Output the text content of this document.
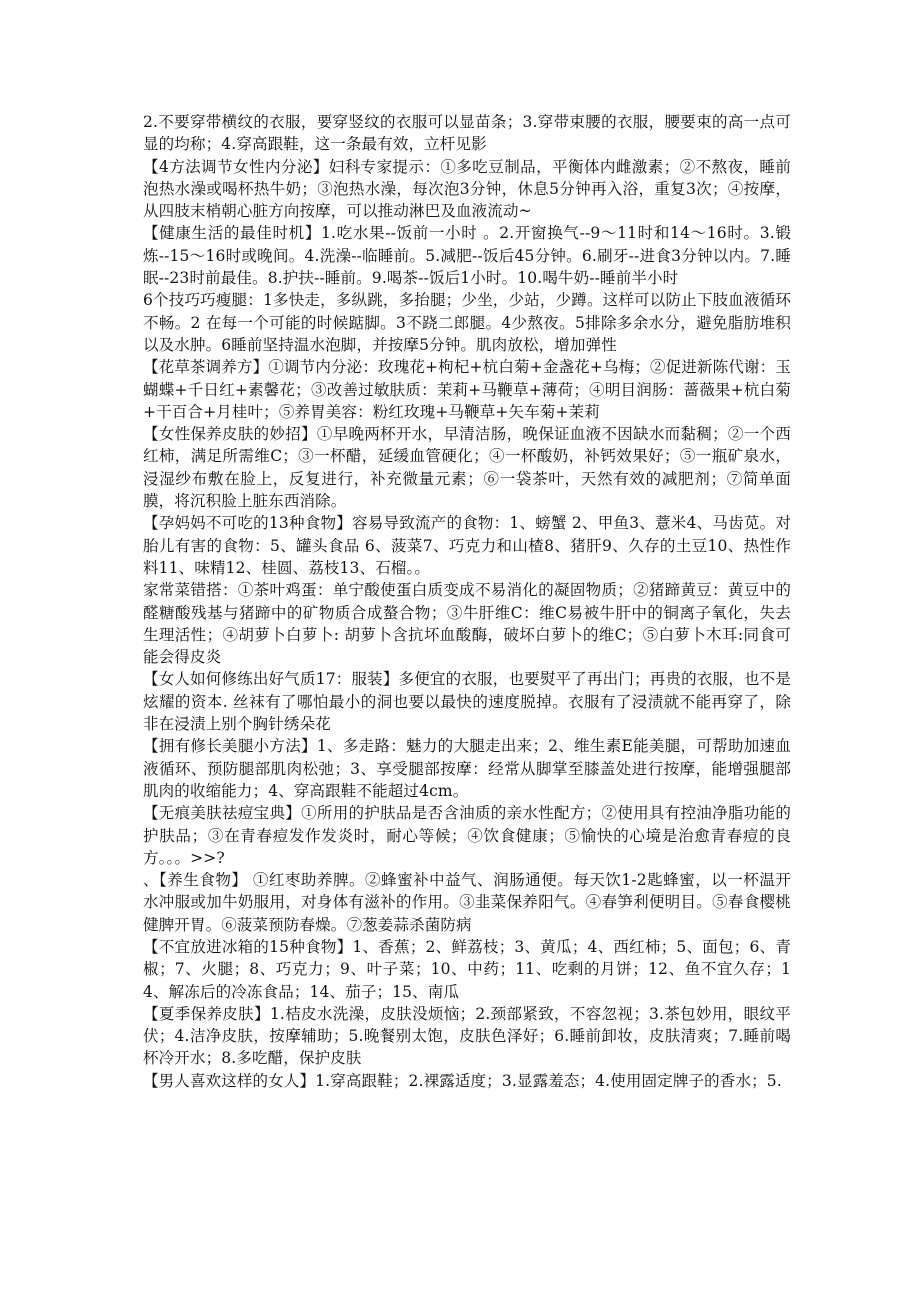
2.不要穿带横纹的衣服，要穿竖纹的衣服可以显苗条；3.穿带束腰的衣服，腰要束的高一点可显的均称；4.穿高跟鞋，这一条最有效，立杆见影

【4方法调节女性内分泌】妇科专家提示：①多吃豆制品，平衡体内雌激素；②不熬夜，睡前泡热水澡或喝杯热牛奶；③泡热水澡，每次泡3分钟，休息5分钟再入浴，重复3次；④按摩，从四肢末梢朝心脏方向按摩，可以推动淋巴及血液流动~

【健康生活的最佳时机】1.吃水果--饭前一小时 。2.开窗换气--9～11时和14～16时。3.锻炼--15～16时或晚间。4.洗澡--临睡前。5.减肥--饭后45分钟。6.刷牙--进食3分钟以内。7.睡眠--23时前最佳。8.护扶--睡前。9.喝茶--饭后1小时。10.喝牛奶--睡前半小时

6个技巧巧瘦腿：1多快走，多纵跳，多抬腿；少坐，少站，少蹲。这样可以防止下肢血液循环不畅。2 在每一个可能的时候踮脚。3不跷二郎腿。4少熬夜。5排除多余水分，避免脂肪堆积以及水肿。6睡前坚持温水泡脚，并按摩5分钟。肌肉放松，增加弹性

【花草茶调养方】①调节内分泌：玫瑰花+枸杞+杭白菊+金盏花+乌梅；②促进新陈代谢：玉蝴蝶+千日红+素馨花；③改善过敏肤质：茉莉+马鞭草+薄荷；④明目润肠：蔷薇果+杭白菊+干百合+月桂叶；⑤养胃美容：粉红玫瑰+马鞭草+矢车菊+茉莉

【女性保养皮肤的妙招】①早晚两杯开水，早清洁肠，晚保证血液不因缺水而黏稠；②一个西红柿，满足所需维C；③一杯醋，延缓血管硬化；④一杯酸奶，补钙效果好；⑤一瓶矿泉水，浸湿纱布敷在脸上，反复进行，补充微量元素；⑥一袋茶叶，天然有效的减肥剂；⑦简单面膜，将沉积脸上脏东西消除。

【孕妈妈不可吃的13种食物】容易导致流产的食物：1、螃蟹 2、甲鱼3、薏米4、马齿苋。对胎儿有害的食物：5、罐头食品 6、菠菜7、巧克力和山楂8、猪肝9、久存的土豆10、热性作料11、味精12、桂圆、荔枝13、石榴。。

家常菜错搭：①茶叶鸡蛋：单宁酸使蛋白质变成不易消化的凝固物质；②猪蹄黄豆：黄豆中的醛糖酸残基与猪蹄中的矿物质合成螯合物；③牛肝维C：维C易被牛肝中的铜离子氧化，失去生理活性；④胡萝卜白萝卜: 胡萝卜含抗坏血酸酶，破坏白萝卜的维C；⑤白萝卜木耳:同食可能会得皮炎

【女人如何修练出好气质17：服装】多便宜的衣服，也要熨平了再出门；再贵的衣服，也不是炫耀的资本. 丝袜有了哪怕最小的洞也要以最快的速度脱掉。衣服有了浸渍就不能再穿了，除非在浸渍上别个胸针绣朵花

【拥有修长美腿小方法】1、多走路：魅力的大腿走出来；2、维生素E能美腿，可帮助加速血液循环、预防腿部肌肉松弛；3、享受腿部按摩：经常从脚掌至膝盖处进行按摩，能增强腿部肌肉的收缩能力；4、穿高跟鞋不能超过4cm。

【无痕美肤祛痘宝典】①所用的护肤品是否含油质的亲水性配方；②使用具有控油净脂功能的护肤品；③在青春痘发作发炎时，耐心等候；④饮食健康；⑤愉快的心境是治愈青春痘的良方。。。>>?

、【养生食物】 ①红枣助养脾。②蜂蜜补中益气、润肠通便。每天饮1-2匙蜂蜜，以一杯温开水冲服或加牛奶服用，对身体有滋补的作用。③韭菜保养阳气。④春笋利便明目。⑤春食樱桃健脾开胃。⑥菠菜预防春燥。⑦葱姜蒜杀菌防病

【不宜放进冰箱的15种食物】1、香蕉；2、鲜荔枝；3、黄瓜；4、西红柿；5、面包；6、青椒；7、火腿；8、巧克力；9、叶子菜；10、中药；11、吃剩的月饼；12、鱼不宜久存；14、解冻后的冷冻食品；14、茄子；15、南瓜

【夏季保养皮肤】1.桔皮水洗澡，皮肤没烦恼；2.颈部紧致，不容忽视；3.茶包妙用，眼纹平伏；4.洁净皮肤，按摩辅助；5.晚餐别太饱，皮肤色泽好；6.睡前卸妆，皮肤清爽；7.睡前喝杯冷开水；8.多吃醋，保护皮肤

【男人喜欢这样的女人】1.穿高跟鞋；2.裸露适度；3.显露羞态；4.使用固定牌子的香水；5.
